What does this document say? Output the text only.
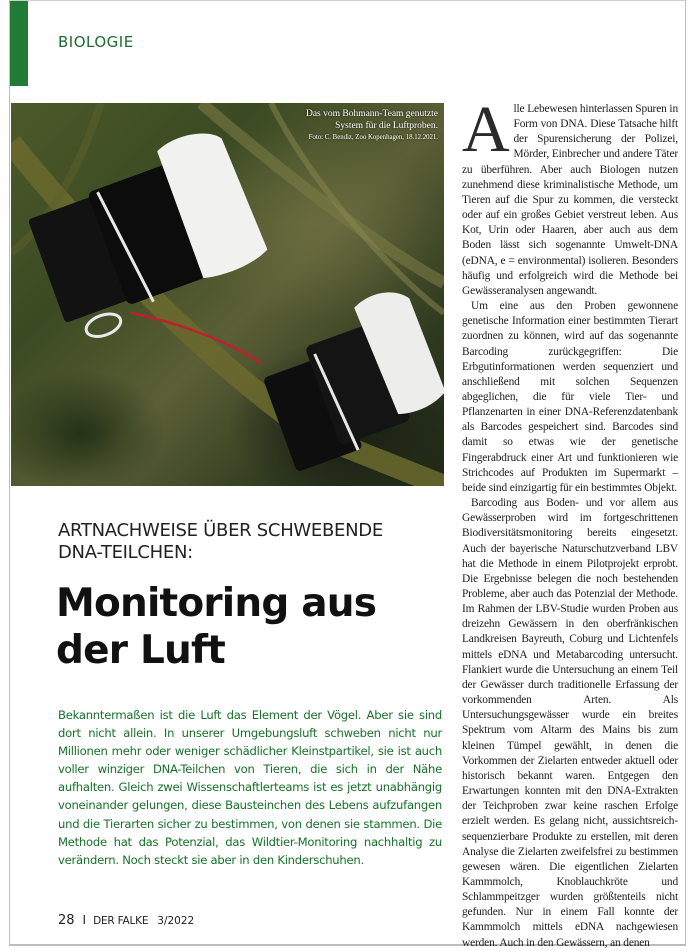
BIOLOGIE
Das vom Bohmann-Team genutzte
System für die Luftproben.
Foto: C. Bendiz, Zoo Kopenhagen, 18.12.2021.
ARTNACHWEISE ÜBER SCHWEBENDE
DNA-TEILCHEN:
Monitoring aus
der Luft
Bekanntermaßen ist die Luft das Element der Vögel. Aber sie sind dort nicht allein. In unserer Umgebungsluft schweben nicht nur Millionen mehr oder weniger schädlicher Kleinstpartikel, sie ist auch voller winziger DNA-Teilchen von Tieren, die sich in der Nähe aufhalten. Gleich zwei Wissenschaftlerteams ist es jetzt unabhängig voneinander gelungen, diese Bausteinchen des Lebens aufzufangen und die Tierarten sicher zu bestimmen, von denen sie stammen. Die Methode hat das Potenzial, das Wildtier-Monitoring nachhaltig zu verändern. Noch steckt sie aber in den Kinderschuhen.

Alle Lebewesen hinterlassen Spuren in Form von DNA. Diese Tatsache hilft der Spurensicherung der Polizei, Mörder, Einbrecher und andere Täter zu überführen. Aber auch Biologen nutzen zunehmend diese kriminalistische Methode, um Tieren auf die Spur zu kommen, die versteckt oder auf ein großes Gebiet verstreut leben. Aus Kot, Urin oder Haaren, aber auch aus dem Boden lässt sich sogenannte Umwelt-DNA (eDNA, e = environmental) isolieren. Besonders häufig und erfolgreich wird die Methode bei Gewässeranalysen angewandt.

Um eine aus den Proben gewonnene genetische Information einer bestimmten Tierart zuordnen zu können, wird auf das sogenannte Barcoding zurückgegriffen: Die Erbgutinformationen werden sequenziert und anschließend mit solchen Sequenzen abgeglichen, die für viele Tier- und Pflanzenarten in einer DNA-Referenzdatenbank als Barcodes gespeichert sind. Barcodes sind damit so etwas wie der genetische Fingerabdruck einer Art und funktionieren wie Strichcodes auf Produkten im Supermarkt – beide sind einzigartig für ein bestimmtes Objekt.

Barcoding aus Boden- und vor allem aus Gewässerproben wird im fortgeschrittenen Biodiversitätsmonitoring bereits eingesetzt. Auch der bayerische Naturschutzverband LBV hat die Methode in einem Pilotprojekt erprobt. Die Ergebnisse belegen die noch bestehenden Probleme, aber auch das Potenzial der Methode. Im Rahmen der LBV-Studie wurden Proben aus dreizehn Gewässern in den oberfränkischen Landkreisen Bayreuth, Coburg und Lichtenfels mittels eDNA und Metabarcoding untersucht. Flankiert wurde die Untersuchung an einem Teil der Gewässer durch traditionelle Erfassung der vorkommenden Arten. Als Untersuchungsgewässer wurde ein breites Spektrum vom Altarm des Mains bis zum kleinen Tümpel gewählt, in denen die Vorkommen der Zielarten entweder aktuell oder historisch bekannt waren. Entgegen den Erwartungen konnten mit den DNA-Extrakten der Teichproben zwar keine raschen Erfolge erzielt werden. Es gelang nicht, aussichtsreich-sequenzierbare Produkte zu erstellen, mit deren Analyse die Zielarten zweifelsfrei zu bestimmen gewesen wären. Die eigentlichen Zielarten Kammmolch, Knoblauchkröte und Schlammpeitzger wurden größtenteils nicht gefunden. Nur in einem Fall konnte der Kammmolch mittels eDNA nachgewiesen werden. Auch in den Gewässern, an denen

28 I DER FALKE 3/2022
